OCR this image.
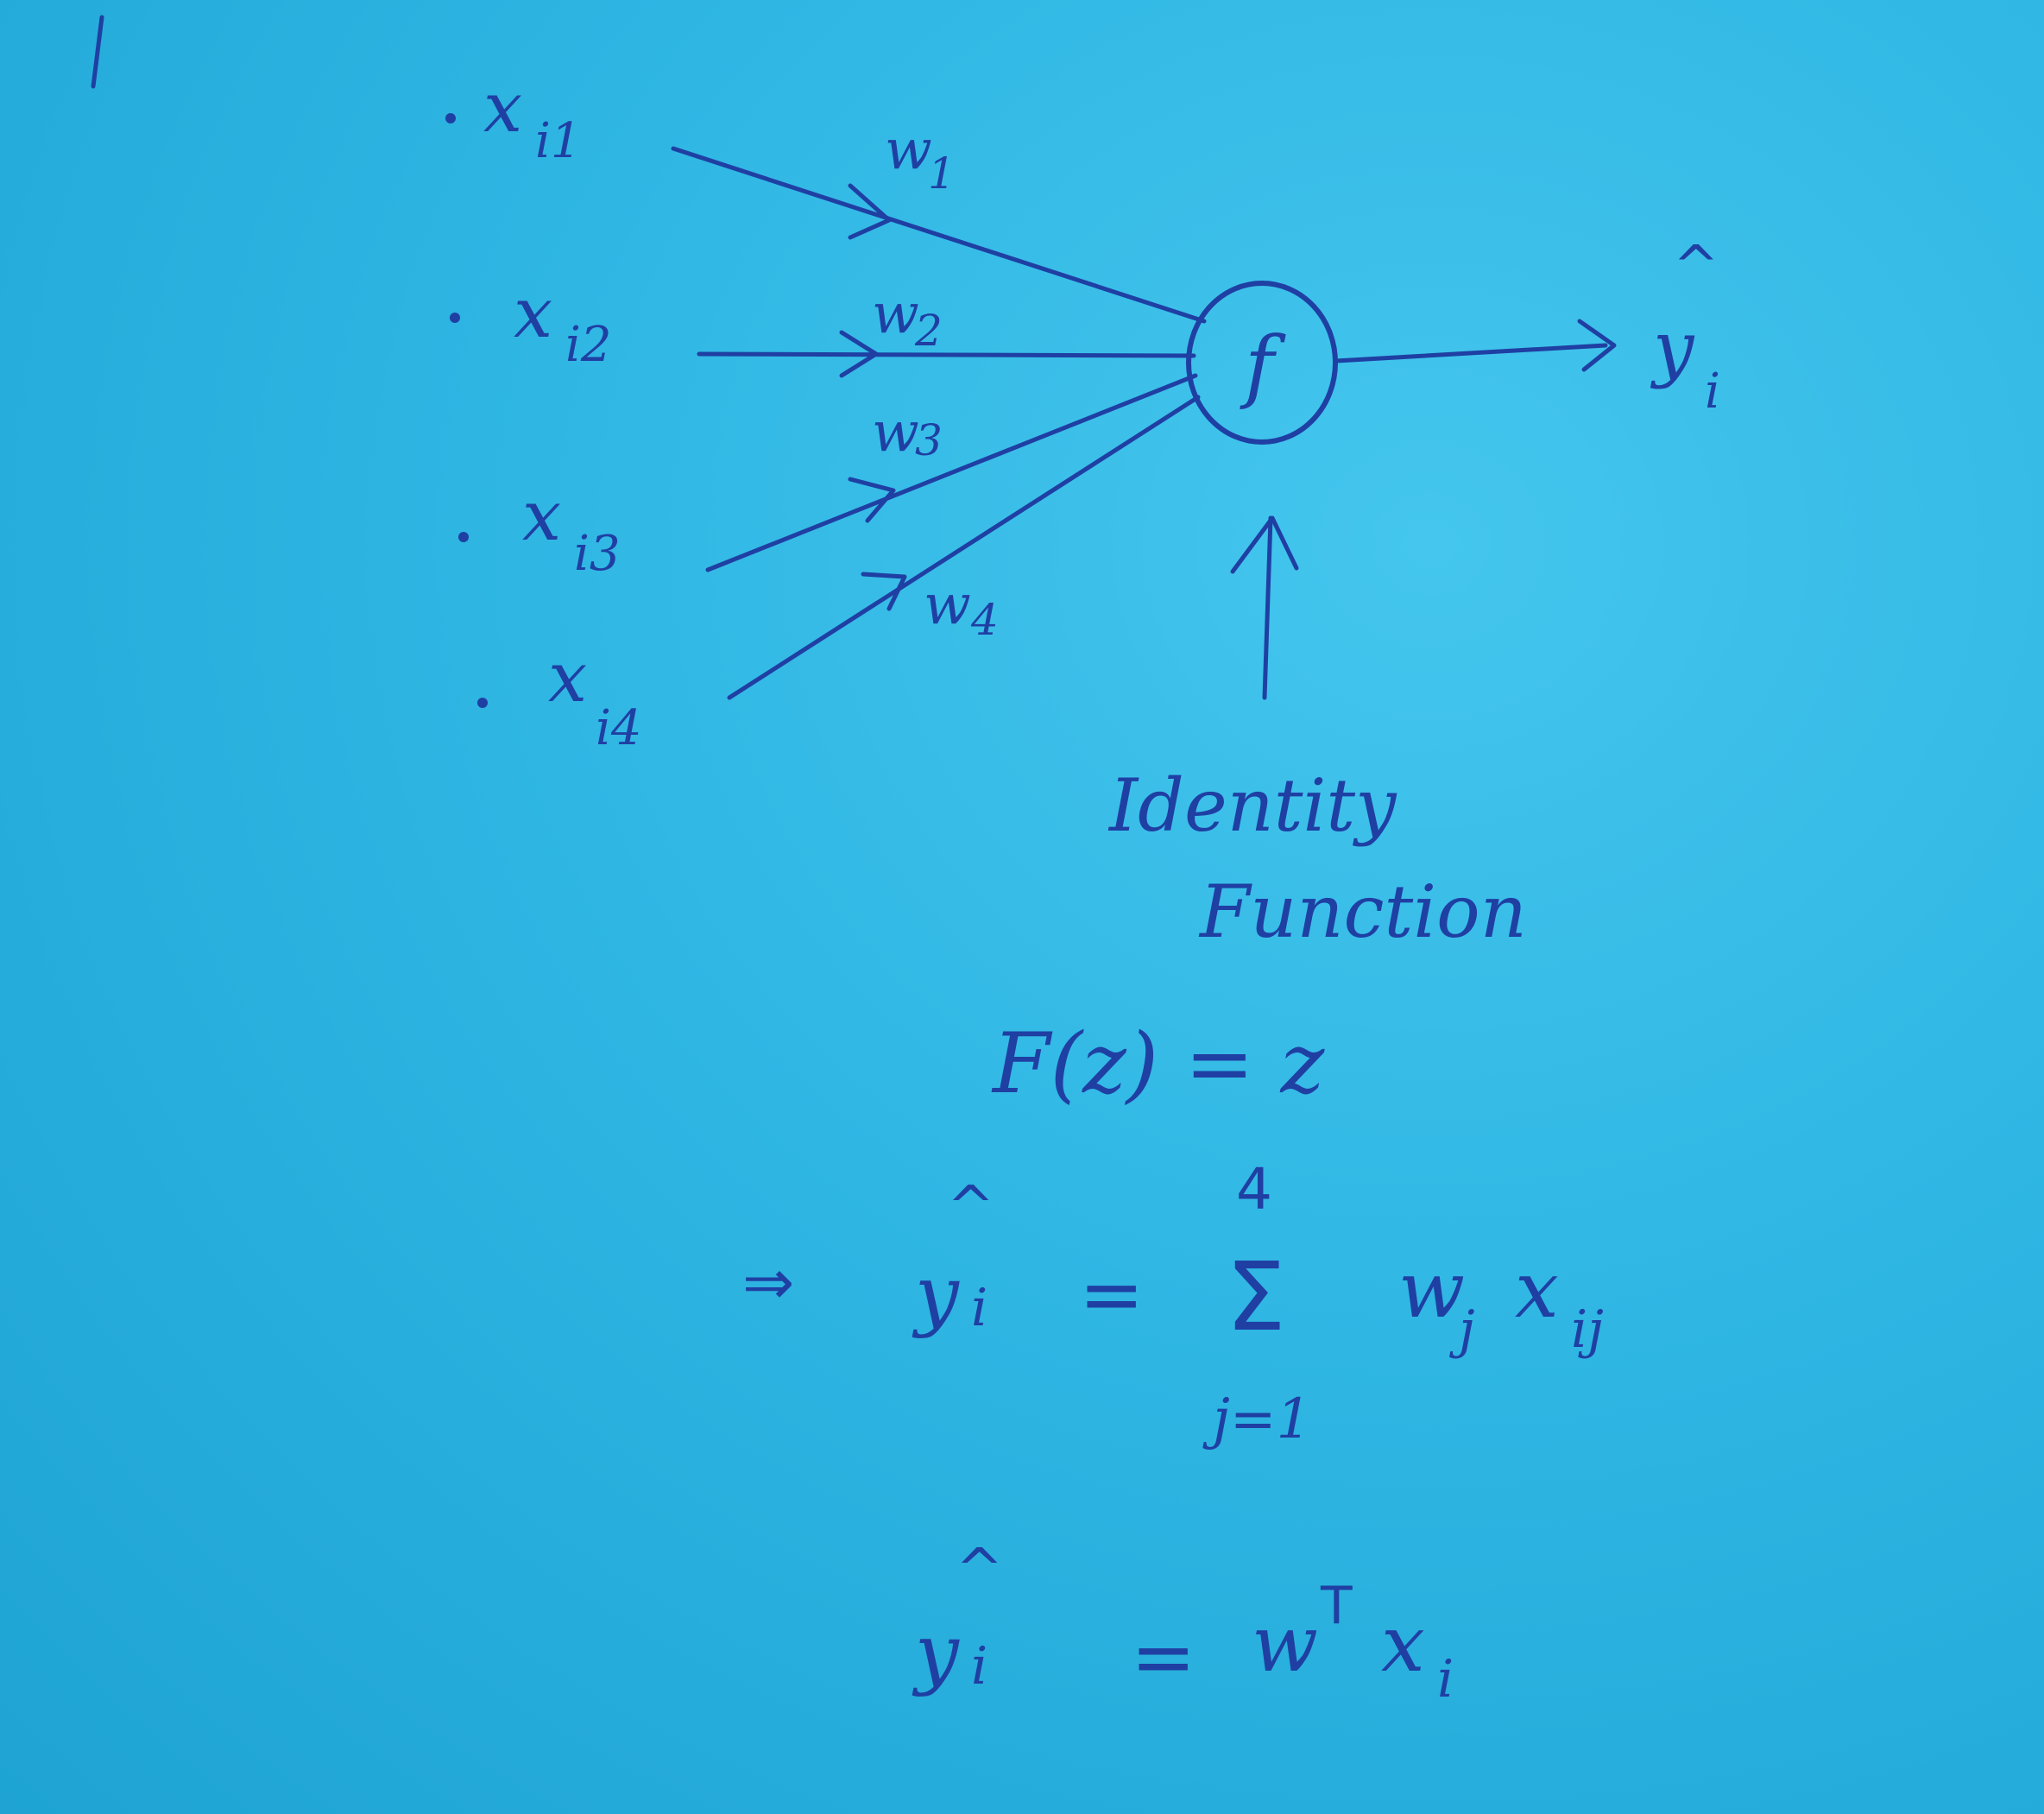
x i1
x i2
x i3
x
i4
w
1
w
2
w
3
w 4
f
^
y
i
Identity
Function
F(z) = z
⇒
^
y i =
4
Σ
j=1
w
j x ij
^
y i = w T x i
